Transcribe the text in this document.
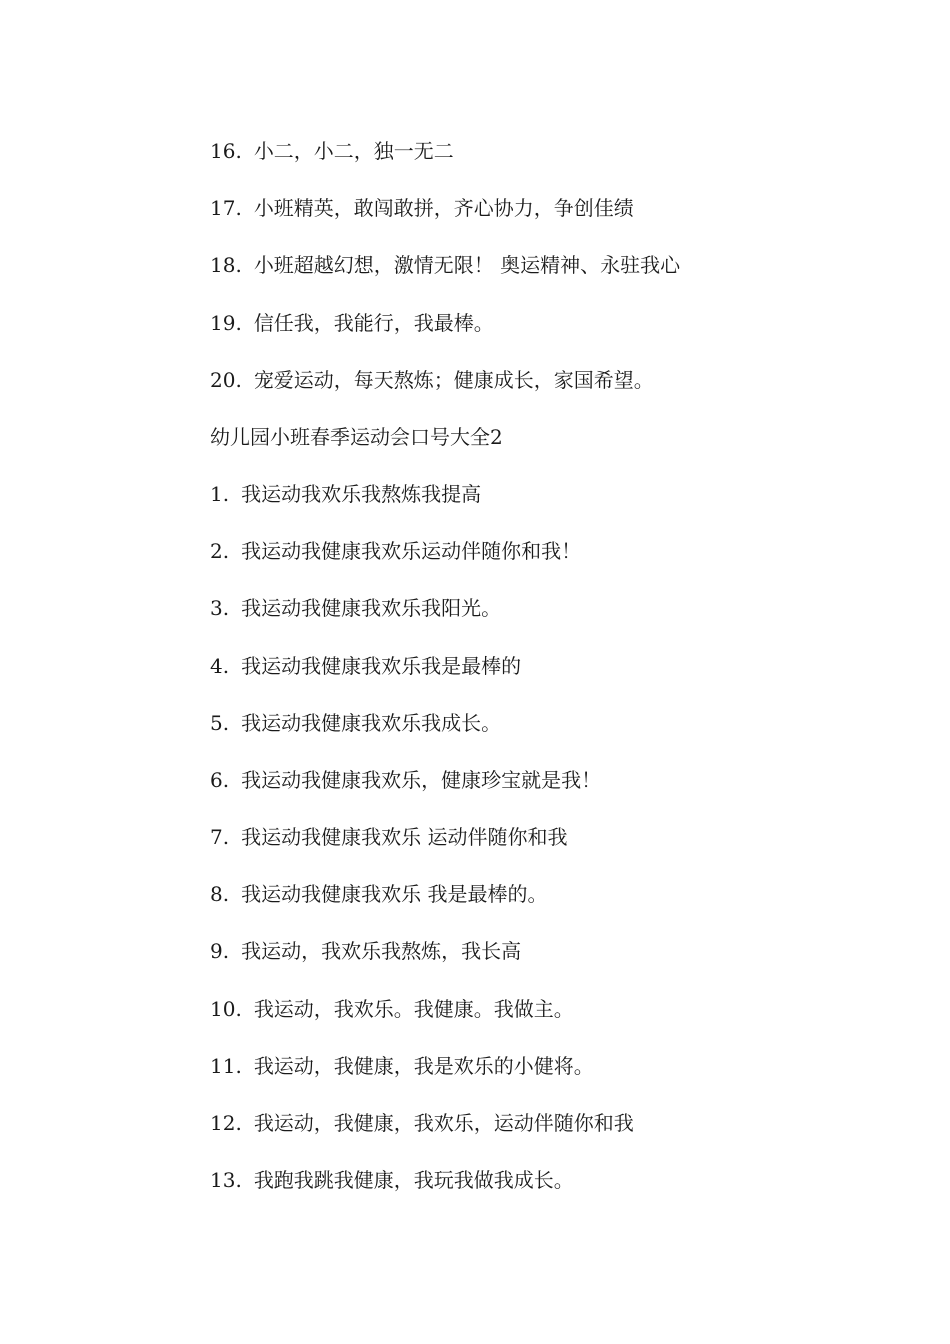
16. 小二，小二，独一无二
17. 小班精英，敢闯敢拼，齐心协力，争创佳绩
18. 小班超越幻想，激情无限！ 奥运精神、永驻我心
19. 信任我，我能行，我最棒。
20. 宠爱运动，每天熬炼；健康成长，家国希望。
幼儿园小班春季运动会口号大全2
1. 我运动我欢乐我熬炼我提高
2. 我运动我健康我欢乐运动伴随你和我！
3. 我运动我健康我欢乐我阳光。
4. 我运动我健康我欢乐我是最棒的
5. 我运动我健康我欢乐我成长。
6. 我运动我健康我欢乐，健康珍宝就是我！
7. 我运动我健康我欢乐 运动伴随你和我
8. 我运动我健康我欢乐 我是最棒的。
9. 我运动，我欢乐我熬炼，我长高
10. 我运动，我欢乐。我健康。我做主。
11. 我运动，我健康，我是欢乐的小健将。
12. 我运动，我健康，我欢乐，运动伴随你和我
13. 我跑我跳我健康，我玩我做我成长。
